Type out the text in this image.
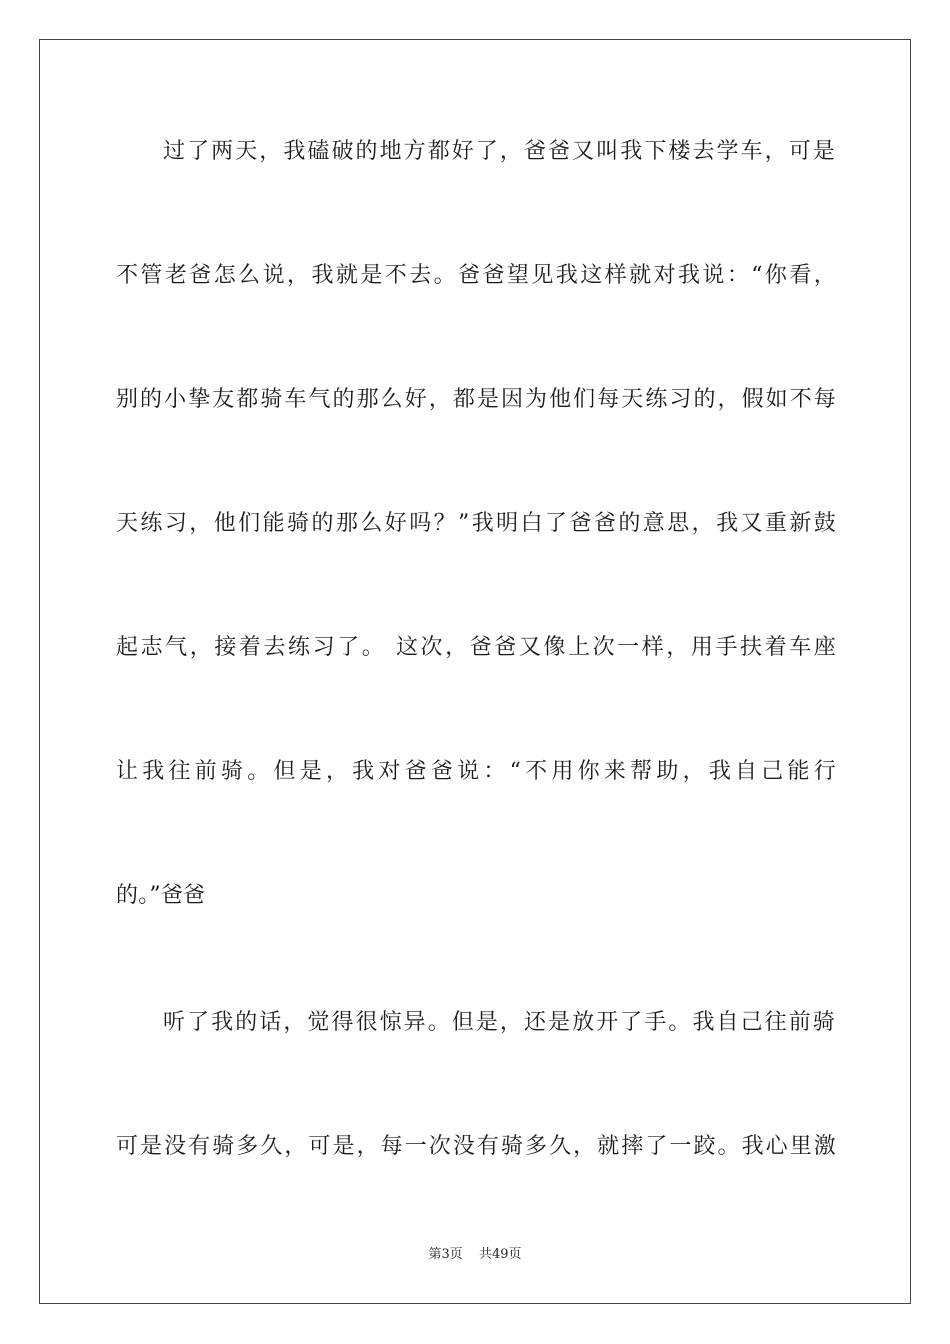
过了两天，我磕破的地方都好了，爸爸又叫我下楼去学车，可是
不管老爸怎么说，我就是不去。爸爸望见我这样就对我说：“你看，
别的小挚友都骑车气的那么好，都是因为他们每天练习的，假如不每
天练习，他们能骑的那么好吗？”我明白了爸爸的意思，我又重新鼓
起志气，接着去练习了。 这次，爸爸又像上次一样，用手扶着车座
让我往前骑。但是，我对爸爸说：“不用你来帮助，我自己能行
的。”爸爸
听了我的话，觉得很惊异。但是，还是放开了手。我自己往前骑
可是没有骑多久，可是，每一次没有骑多久，就摔了一跤。我心里激
第3页 共49页
